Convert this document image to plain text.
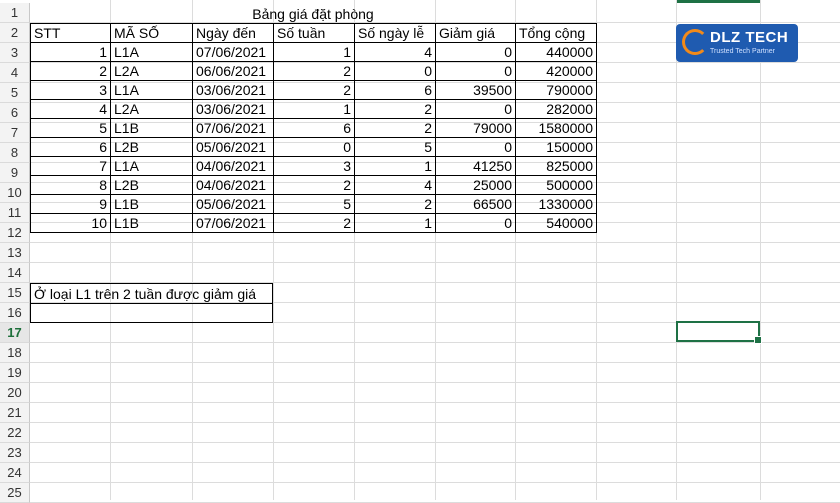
1
2
3
4
5
6
7
8
9
10
11
12
13
14
15
16
17
18
19
20
21
22
23
24
25
Bảng giá đặt phòng
STT	MÃ SỐ	Ngày đến	Số tuần	Số ngày lễ	Giảm giá	Tổng cộng
1	L1A	07/06/2021	1	4	0	440000
2	L2A	06/06/2021	2	0	0	420000
3	L1A	03/06/2021	2	6	39500	790000
4	L2A	03/06/2021	1	2	0	282000
5	L1B	07/06/2021	6	2	79000	1580000
6	L2B	05/06/2021	0	5	0	150000
7	L1A	04/06/2021	3	1	41250	825000
8	L2B	04/06/2021	2	4	25000	500000
9	L1B	05/06/2021	5	2	66500	1330000
10	L1B	07/06/2021	2	1	0	540000
Ở loại L1 trên 2 tuần được giảm giá
DLZ TECH
Trusted Tech Partner
